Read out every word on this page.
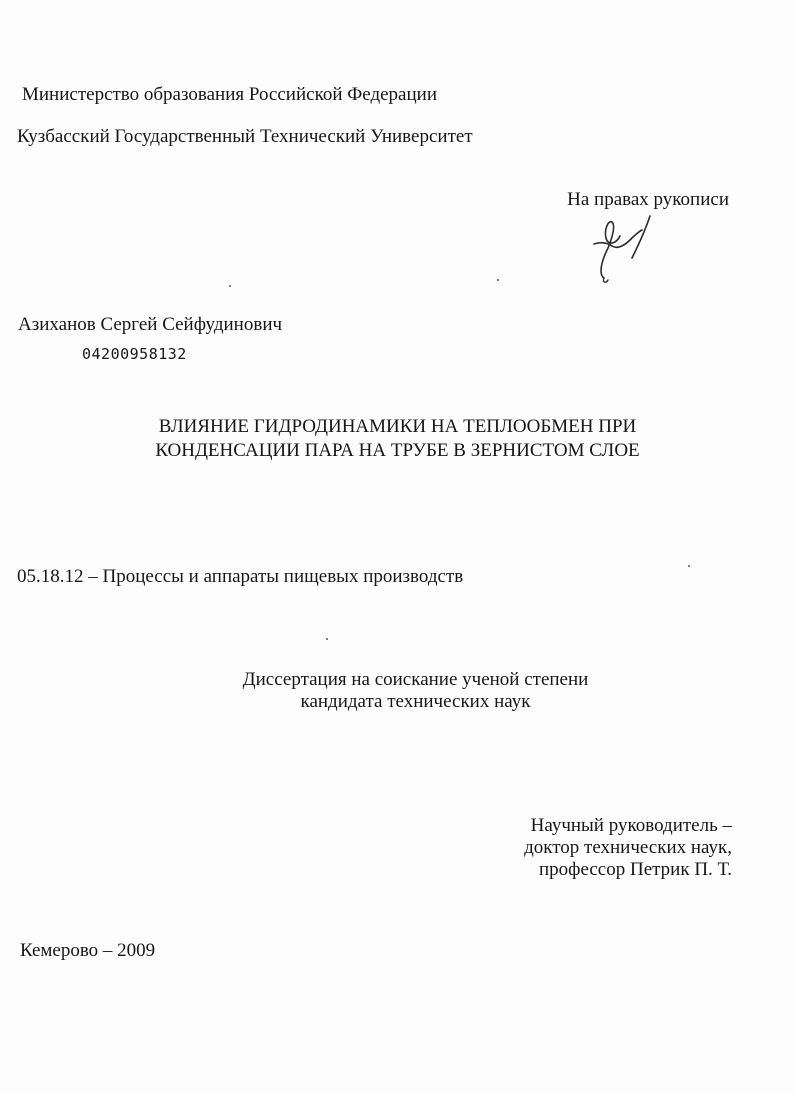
Министерство образования Российской Федерации
Кузбасский Государственный Технический Университет
На правах рукописи
Азиханов Сергей Сейфудинович
04200958132
ВЛИЯНИЕ ГИДРОДИНАМИКИ НА ТЕПЛООБМЕН ПРИ
КОНДЕНСАЦИИ ПАРА НА ТРУБЕ В ЗЕРНИСТОМ СЛОЕ
05.18.12 – Процессы и аппараты пищевых производств
Диссертация на соискание ученой степени
кандидата технических наук
Научный руководитель –
доктор технических наук,
профессор Петрик П. Т.
Кемерово – 2009
